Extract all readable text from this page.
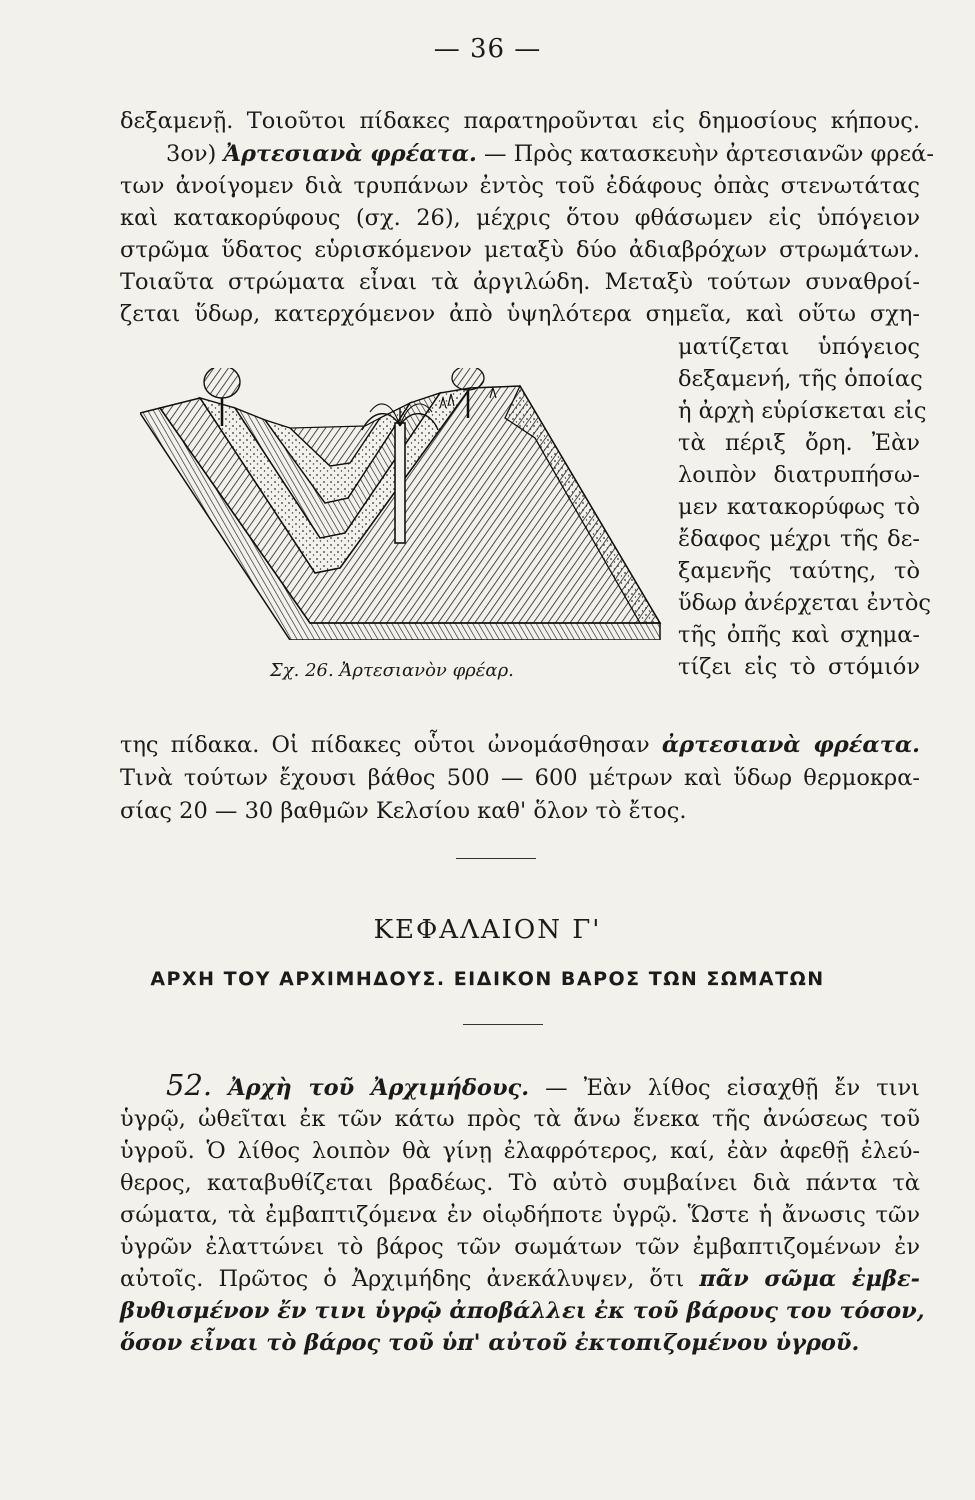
— 36 —
δεξαμενῇ. Τοιοῦτοι πίδακες παρατηροῦνται εἰς δημοσίους κήπους.
3ον) Ἀρτεσιανὰ φρέατα. — Πρὸς κατασκευὴν ἀρτεσιανῶν φρεά-
των ἀνοίγομεν διὰ τρυπάνων ἐντὸς τοῦ ἐδάφους ὀπὰς στενωτάτας
καὶ κατακορύφους (σχ. 26), μέχρις ὅτου φθάσωμεν εἰς ὑπόγειον
στρῶμα ὕδατος εὑρισκόμενον μεταξὺ δύο ἀδιαβρόχων στρωμάτων.
Τοιαῦτα στρώματα εἶναι τὰ ἀργιλώδη. Μεταξὺ τούτων συναθροί-
ζεται ὕδωρ, κατερχόμενον ἀπὸ ὑψηλότερα σημεῖα, καὶ οὕτω σχη-
ματίζεται ὑπόγειος
δεξαμενή, τῆς ὁποίας
ἡ ἀρχὴ εὑρίσκεται εἰς
τὰ πέριξ ὄρη. Ἐὰν
λοιπὸν διατρυπήσω-
μεν κατακορύφως τὸ
ἔδαφος μέχρι τῆς δε-
ξαμενῆς ταύτης, τὸ
ὕδωρ ἀνέρχεται ἐντὸς
τῆς ὀπῆς καὶ σχημα-
τίζει εἰς τὸ στόμιόν
Σχ. 26. Ἀρτεσιανὸν φρέαρ.
της πίδακα. Οἱ πίδακες οὗτοι ὠνομάσθησαν ἀρτεσιανὰ φρέατα.
Τινὰ τούτων ἔχουσι βάθος 500 — 600 μέτρων καὶ ὕδωρ θερμοκρα-
σίας 20 — 30 βαθμῶν Κελσίου καθ' ὅλον τὸ ἔτος.
ΚΕΦΑΛΑΙΟΝ Γ'
ΑΡΧΗ ΤΟΥ ΑΡΧΙΜΗΔΟΥΣ. ΕΙΔΙΚΟΝ ΒΑΡΟΣ ΤΩΝ ΣΩΜΑΤΩΝ
52. Ἀρχὴ τοῦ Ἀρχιμήδους. — Ἐὰν λίθος εἰσαχθῇ ἔν τινι
ὑγρῷ, ὠθεῖται ἐκ τῶν κάτω πρὸς τὰ ἄνω ἕνεκα τῆς ἀνώσεως τοῦ
ὑγροῦ. Ὁ λίθος λοιπὸν θὰ γίνῃ ἐλαφρότερος, καί, ἐὰν ἀφεθῇ ἐλεύ-
θερος, καταβυθίζεται βραδέως. Τὸ αὐτὸ συμβαίνει διὰ πάντα τὰ
σώματα, τὰ ἐμβαπτιζόμενα ἐν οἱῳδήποτε ὑγρῷ. Ὥστε ἡ ἄνωσις τῶν
ὑγρῶν ἐλαττώνει τὸ βάρος τῶν σωμάτων τῶν ἐμβαπτιζομένων ἐν
αὐτοῖς. Πρῶτος ὁ Ἀρχιμήδης ἀνεκάλυψεν, ὅτι πᾶν σῶμα ἐμβε-
βυθισμένον ἔν τινι ὑγρῷ ἀποβάλλει ἐκ τοῦ βάρους του τόσον,
ὅσον εἶναι τὸ βάρος τοῦ ὑπ' αὐτοῦ ἐκτοπιζομένου ὑγροῦ.
